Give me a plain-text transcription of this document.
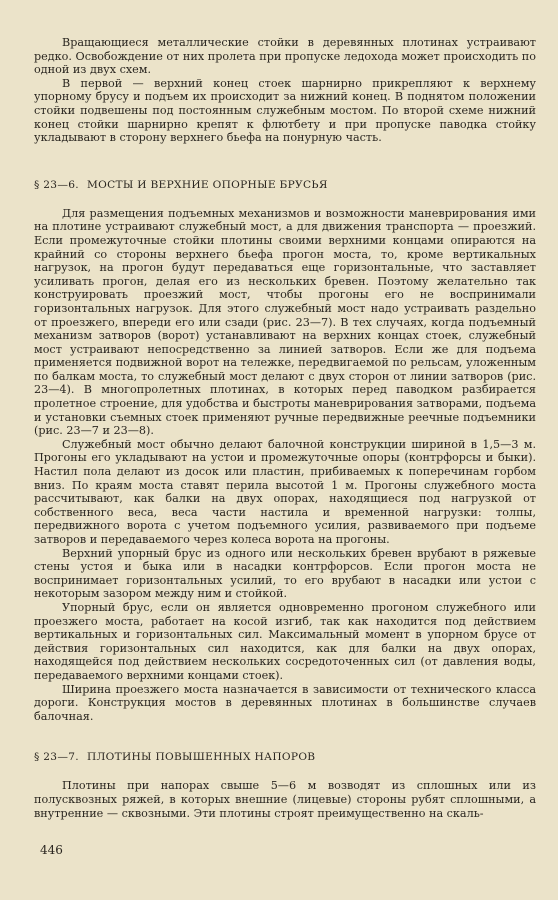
Вращающиеся металлические стойки в деревянных плотинах устраивают редко. Освобождение от них пролета при пропуске ледохода может происходить по одной из двух схем.

В первой — верхний конец стоек шарнирно прикрепляют к верхнему упорному брусу и подъем их происходит за нижний конец. В поднятом положении стойки подвешены под постоянным служебным мостом. По второй схеме нижний конец стойки шарнирно крепят к флютбету и при пропуске паводка стойку укладывают в сторону верхнего бьефа на понурную часть.

§ 23—6. МОСТЫ И ВЕРХНИЕ ОПОРНЫЕ БРУСЬЯ

Для размещения подъемных механизмов и возможности маневрирования ими на плотине устраивают служебный мост, а для движения транспорта — проезжий. Если промежуточные стойки плотины своими верхними концами опираются на крайний со стороны верхнего бьефа прогон моста, то, кроме вертикальных нагрузок, на прогон будут передаваться еще горизонтальные, что заставляет усиливать прогон, делая его из нескольких бревен. Поэтому желательно так конструировать проезжий мост, чтобы прогоны его не воспринимали горизонтальных нагрузок. Для этого служебный мост надо устраивать раздельно от проезжего, впереди его или сзади (рис. 23—7). В тех случаях, когда подъемный механизм затворов (ворот) устанавливают на верхних концах стоек, служебный мост устраивают непосредственно за линией затворов. Если же для подъема применяется подвижной ворот на тележке, передвигаемой по рельсам, уложенным по балкам моста, то служебный мост делают с двух сторон от линии затворов (рис. 23—4). В многопролетных плотинах, в которых перед паводком разбирается пролетное строение, для удобства и быстроты маневрирования затворами, подъема и установки съемных стоек применяют ручные передвижные реечные подъемники (рис. 23—7 и 23—8).

Служебный мост обычно делают балочной конструкции шириной в 1,5—3 м. Прогоны его укладывают на устои и промежуточные опоры (контрфорсы и быки). Настил пола делают из досок или пластин, прибиваемых к поперечинам горбом вниз. По краям моста ставят перила высотой 1 м. Прогоны служебного моста рассчитывают, как балки на двух опорах, находящиеся под нагрузкой от собственного веса, веса части настила и временной нагрузки: толпы, передвижного ворота с учетом подъемного усилия, развиваемого при подъеме затворов и передаваемого через колеса ворота на прогоны.

Верхний упорный брус из одного или нескольких бревен врубают в ряжевые стены устоя и быка или в насадки контрфорсов. Если прогон моста не воспринимает горизонтальных усилий, то его врубают в насадки или устои с некоторым зазором между ним и стойкой.

Упорный брус, если он является одновременно прогоном служебного или проезжего моста, работает на косой изгиб, так как находится под действием вертикальных и горизонтальных сил. Максимальный момент в упорном брусе от действия горизонтальных сил находится, как для балки на двух опорах, находящейся под действием нескольких сосредоточенных сил (от давления воды, передаваемого верхними концами стоек).

Ширина проезжего моста назначается в зависимости от технического класса дороги. Конструкция мостов в деревянных плотинах в большинстве случаев балочная.

§ 23—7. ПЛОТИНЫ ПОВЫШЕННЫХ НАПОРОВ

Плотины при напорах свыше 5—6 м возводят из сплошных или из полусквозных ряжей, в которых внешние (лицевые) стороны рубят сплошными, а внутренние — сквозными. Эти плотины строят преимущественно на скаль-

446
